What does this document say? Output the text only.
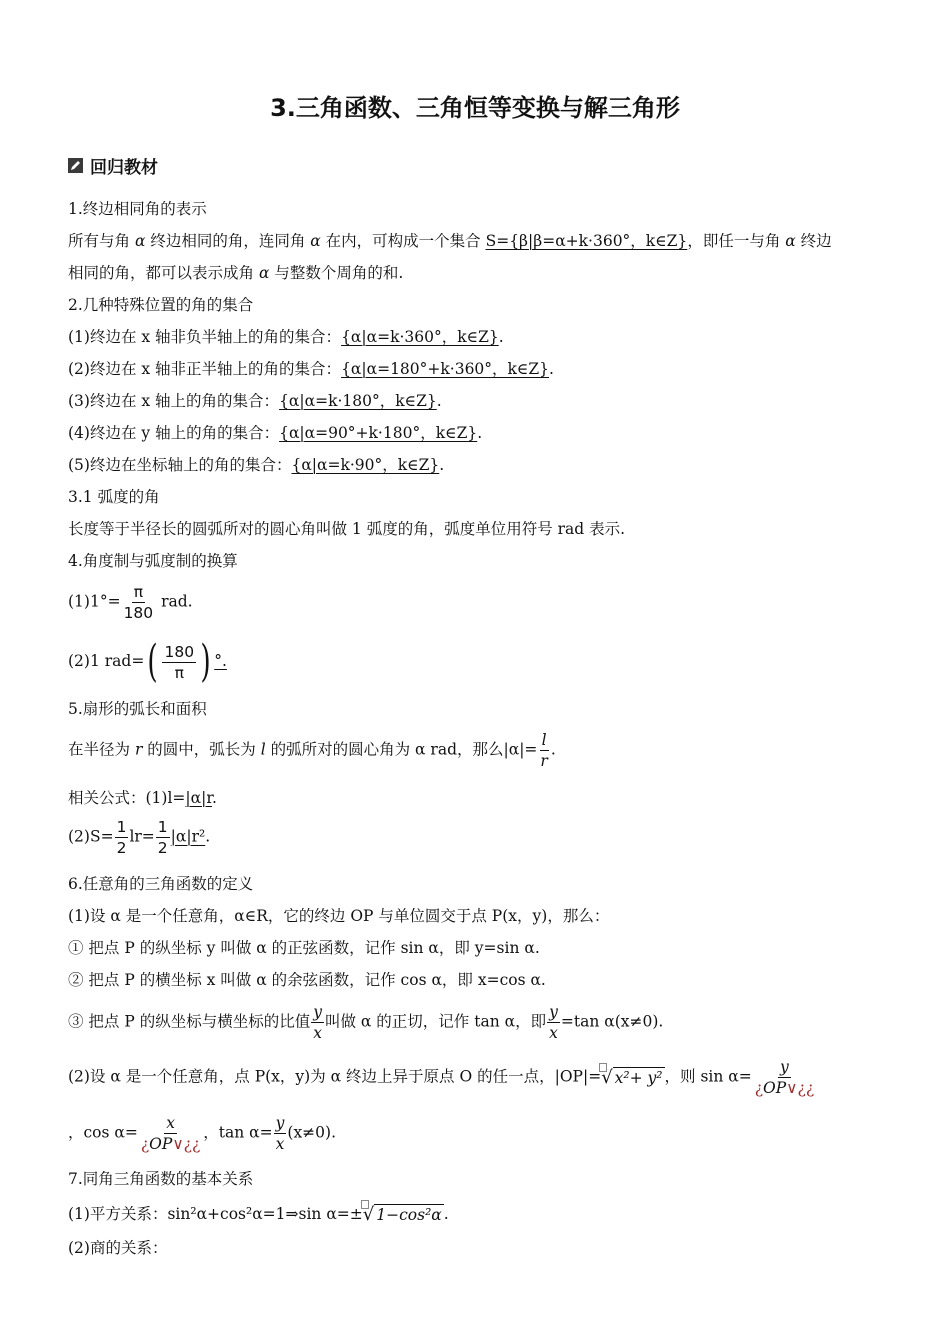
3.三角函数、三角恒等变换与解三角形
回归教材
1.终边相同角的表示
所有与角 α 终边相同的角，连同角 α 在内，可构成一个集合 S={β|β=α+k·360°，k∈Z}，即任一与角 α 终边
相同的角，都可以表示成角 α 与整数个周角的和.
2.几种特殊位置的角的集合
(1)终边在 x 轴非负半轴上的角的集合：{α|α=k·360°，k∈Z}.
(2)终边在 x 轴非正半轴上的角的集合：{α|α=180°+k·360°，k∈Z}.
(3)终边在 x 轴上的角的集合：{α|α=k·180°，k∈Z}.
(4)终边在 y 轴上的角的集合：{α|α=90°+k·180°，k∈Z}.
(5)终边在坐标轴上的角的集合：{α|α=k·90°，k∈Z}.
3.1 弧度的角
长度等于半径长的圆弧所对的圆心角叫做 1 弧度的角，弧度单位用符号 rad 表示.
4.角度制与弧度制的换算
$(1)1^\circ= \frac{\pi}{180}$ rad.
(2)1 $rad=( \frac{180}{\pi}$ ) °.
5.扇形的弧长和面积
在半径为 r 的圆中，弧长为 l 的弧所对的圆心角为 α rad，那么$|\alpha|= \frac{l}{r}$ .
相关公式：(1)l=|α|r.
$(2)S= \frac{1}{2} lr= \frac{1}{2} |\alpha|r^2$.
6.任意角的三角函数的定义
(1)设 α 是一个任意角，α∈R，它的终边 OP 与单位圆交于点 P(x，y)，那么：
① 把点 P 的纵坐标 y 叫做 α 的正弦函数，记作 sin α，即 y=sin α.
② 把点 P 的横坐标 x 叫做 α 的余弦函数，记作 cos α，即 x=cos α.
③ 把点 P 的纵坐标与横坐标的比值 $\frac{y}{x}$ 叫做 α 的正切，记作 tan α，即 $\frac{y}{x} =\tan$ α(x≠0).
(2)设 α 是一个任意角，点 P(x，y)为 α 终边上异于原点 O 的任一点，|OP|=
√ x²+ y² ，则 $\sin \alpha= \frac{y}{¿OP\vee¿¿}$
，$\cos \alpha= \frac{x}{¿OP\vee¿¿}$ ，$\tan \alpha= \frac{y}{x} (x\ne 0)$.
7.同角三角函数的基本关系
(1)平方关系：sin²α+cos²α=1⇒sin α=±
√ 1−cos²α .
(2)商的关系：
